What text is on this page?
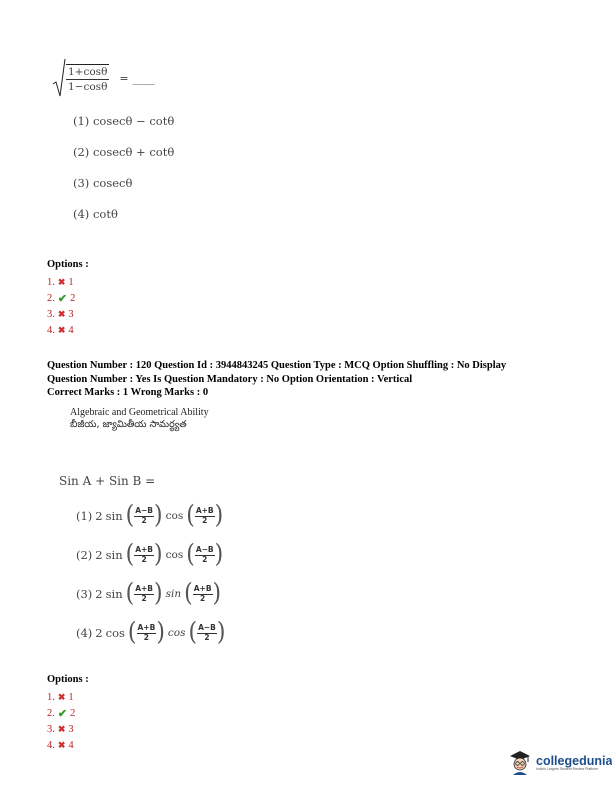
$\frac{1+\cos\theta}{1-\cos\theta}$ = ____
(1) cosecθ − cotθ
(2) cosecθ + cotθ
(3) cosecθ
(4) cotθ
Options :
1. ✖ 1
2. ✔ 2
3. ✖ 3
4. ✖ 4
Question Number : 120 Question Id : 3944843245 Question Type : MCQ Option Shuffling : No Display
Question Number : Yes Is Question Mandatory : No Option Orientation : Vertical
Correct Marks : 1 Wrong Marks : 0
Algebraic and Geometrical Ability
బీజీయ, జ్యామితీయ సామర్థ్యత
Sin A + Sin B =
(1) 2 sin ( $\frac{A-B}{2}$ ) cos ( $\frac{A+B}{2}$ )
(2) 2 sin ( $\frac{A+B}{2}$ ) cos ( $\frac{A-B}{2}$ )
(3) 2 sin ( $\frac{A+B}{2}$ ) sin ( $\frac{A+B}{2}$ )
(4) 2 cos ( $\frac{A+B}{2}$ ) cos ( $\frac{A-B}{2}$ )
Options :
1. ✖ 1
2. ✔ 2
3. ✖ 3
4. ✖ 4
collegedunia
India's Largest Student Review Platform
